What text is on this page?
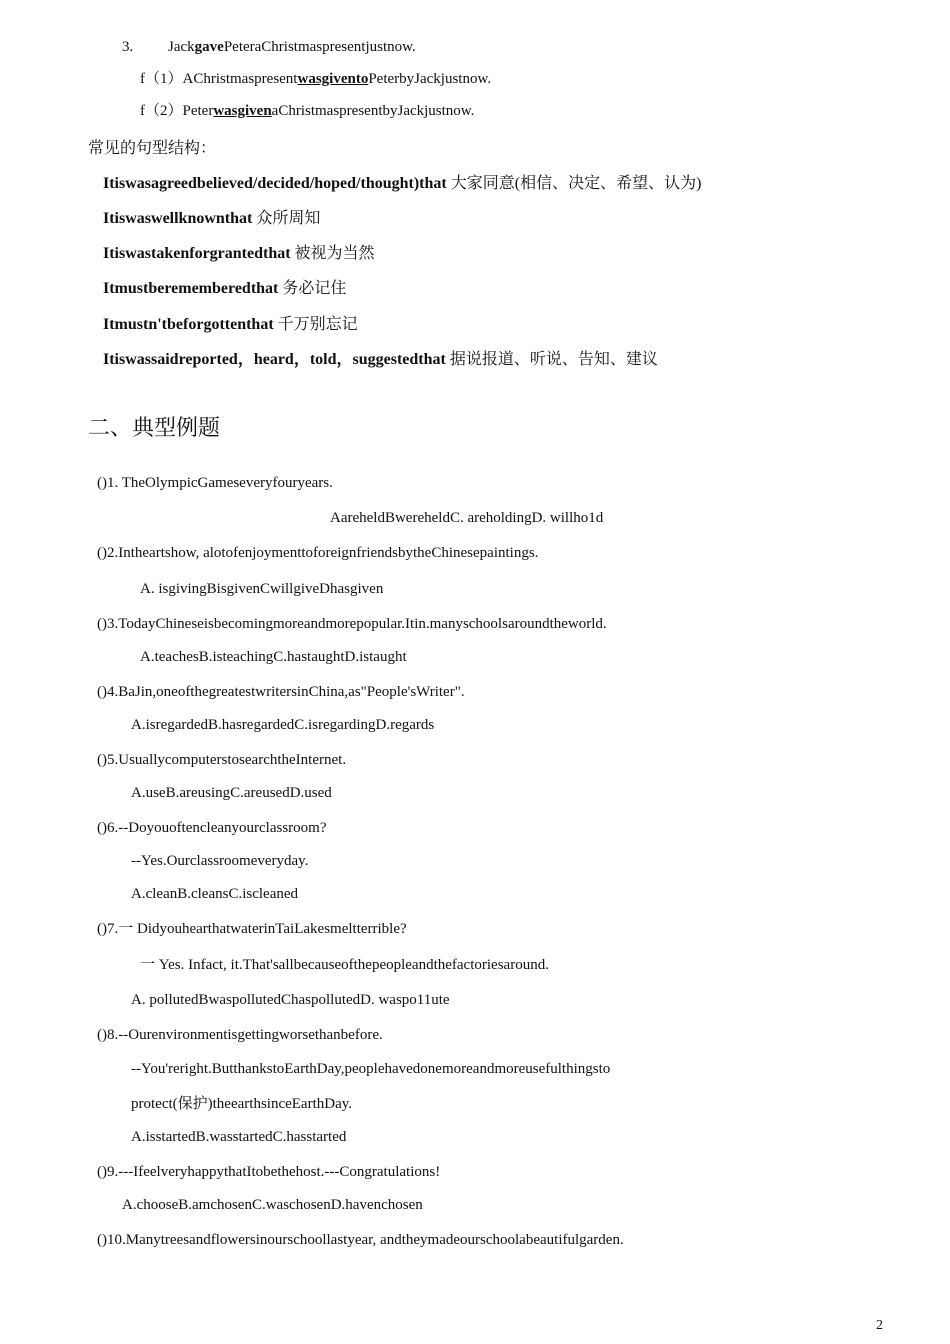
3. JackgavePeteraChristmaspresentjustnow.
f（1）AChristmaspresentwasgiventoPeterbyJackjustnow.
f（2）PeterwasgivenaChristmaspresentbyJackjustnow.
常见的句型结构：
Itiswasagreedbelieved/decided/hoped/thought)that 大家同意(相信、决定、希望、认为)
Itiswaswellknownthat 众所周知
Itiswastakenforgrantedthat 被视为当然
Itmustberememberedthat 务必记住
Itmustn'tbeforgottenthat 千万别忘记
Itiswassaidreported，heard，told，suggestedthat 据说报道、听说、告知、建议
二、典型例题
()1. TheOlympicGameseveryfouryears.
AareheldBwereheldC. areholdingD. willho1d
()2.Intheartshow, alotofenjoymenttoforeignfriendsbytheChinesepaintings.
A. isgivingBisgivenCwillgiveDhasgiven
()3.TodayChineseisbecomingmoreandmorepopular.Itin.manyschoolsaroundtheworld.
A.teachesB.isteachingC.hastaughtD.istaught
()4.BaJin,oneofthegreatestwritersinChina,as"People'sWriter".
A.isregardedB.hasregardedC.isregardingD.regards
()5.UsuallycomputerstosearchtheInternet.
A.useB.areusingC.areusedD.used
()6.--Doyouoftencleanyourclassroom?
--Yes.Ourclassroomeveryday.
A.cleanB.cleansC.iscleaned
()7.一 DidyouhearthatwaterinTaiLakesmeltterrible?
一 Yes. Infact, it.That'sallbecauseofthepeopleandthefactoriesaround.
A. pollutedBwaspollutedChaspollutedD. waspo11ute
()8.--Ourenvironmentisgettingworsethanbefore.
--You'reright.ButthankstoEarthDay,peoplehavedonemoreandmoreusefulthingsto
protect(保护)theearthsinceEarthDay.
A.isstartedB.wasstartedC.hasstarted
()9.---IfeelveryhappythatItobethehost.---Congratulations!
A.chooseB.amchosenC.waschosenD.havenchosen
()10.Manytreesandflowersinourschoollastyear, andtheymadeourschoolabeautifulgarden.
2
